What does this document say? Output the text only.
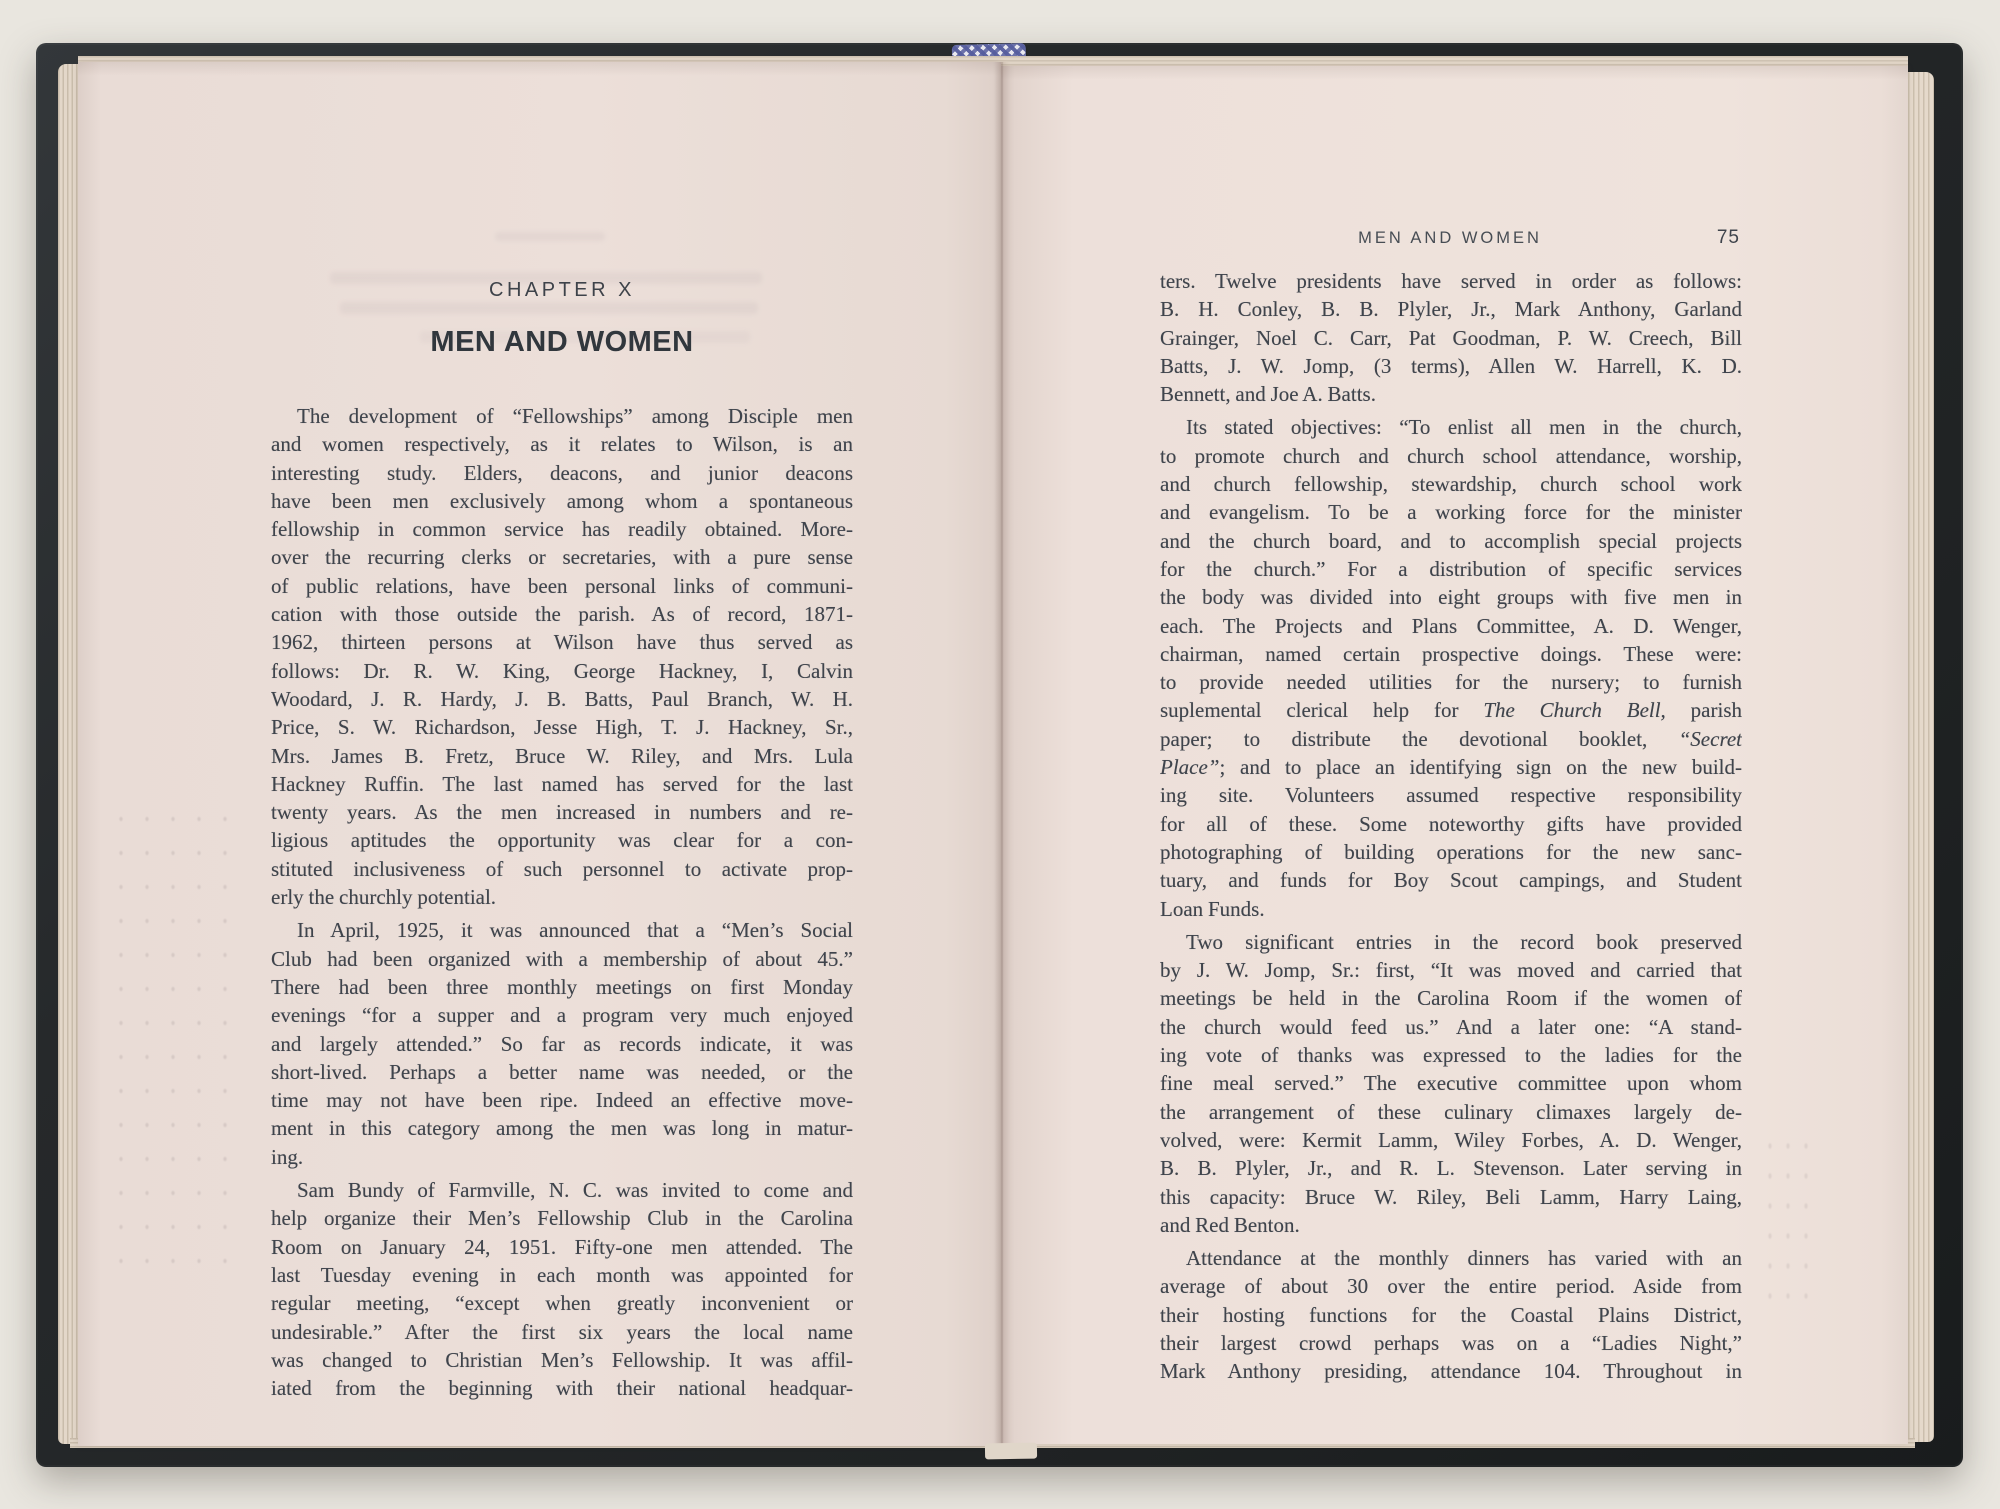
CHAPTER X
MEN AND WOMEN
The development of “Fellowships” among Disciple men
and women respectively, as it relates to Wilson, is an
interesting study. Elders, deacons, and junior deacons
have been men exclusively among whom a spontaneous
fellowship in common service has readily obtained. More-
over the recurring clerks or secretaries, with a pure sense
of public relations, have been personal links of communi-
cation with those outside the parish. As of record, 1871-
1962, thirteen persons at Wilson have thus served as
follows: Dr. R. W. King, George Hackney, I, Calvin
Woodard, J. R. Hardy, J. B. Batts, Paul Branch, W. H.
Price, S. W. Richardson, Jesse High, T. J. Hackney, Sr.,
Mrs. James B. Fretz, Bruce W. Riley, and Mrs. Lula
Hackney Ruffin. The last named has served for the last
twenty years. As the men increased in numbers and re-
ligious aptitudes the opportunity was clear for a con-
stituted inclusiveness of such personnel to activate prop-
erly the churchly potential.
In April, 1925, it was announced that a “Men’s Social
Club had been organized with a membership of about 45.”
There had been three monthly meetings on first Monday
evenings “for a supper and a program very much enjoyed
and largely attended.” So far as records indicate, it was
short-lived. Perhaps a better name was needed, or the
time may not have been ripe. Indeed an effective move-
ment in this category among the men was long in matur-
ing.
Sam Bundy of Farmville, N. C. was invited to come and
help organize their Men’s Fellowship Club in the Carolina
Room on January 24, 1951. Fifty-one men attended. The
last Tuesday evening in each month was appointed for
regular meeting, “except when greatly inconvenient or
undesirable.” After the first six years the local name
was changed to Christian Men’s Fellowship. It was affil-
iated from the beginning with their national headquar-
MEN AND WOMEN	75
ters. Twelve presidents have served in order as follows:
B. H. Conley, B. B. Plyler, Jr., Mark Anthony, Garland
Grainger, Noel C. Carr, Pat Goodman, P. W. Creech, Bill
Batts, J. W. Jomp, (3 terms), Allen W. Harrell, K. D.
Bennett, and Joe A. Batts.
Its stated objectives: “To enlist all men in the church,
to promote church and church school attendance, worship,
and church fellowship, stewardship, church school work
and evangelism. To be a working force for the minister
and the church board, and to accomplish special projects
for the church.” For a distribution of specific services
the body was divided into eight groups with five men in
each. The Projects and Plans Committee, A. D. Wenger,
chairman, named certain prospective doings. These were:
to provide needed utilities for the nursery; to furnish
suplemental clerical help for The Church Bell, parish
paper; to distribute the devotional booklet, “Secret
Place”; and to place an identifying sign on the new build-
ing site. Volunteers assumed respective responsibility
for all of these. Some noteworthy gifts have provided
photographing of building operations for the new sanc-
tuary, and funds for Boy Scout campings, and Student
Loan Funds.
Two significant entries in the record book preserved
by J. W. Jomp, Sr.: first, “It was moved and carried that
meetings be held in the Carolina Room if the women of
the church would feed us.” And a later one: “A stand-
ing vote of thanks was expressed to the ladies for the
fine meal served.” The executive committee upon whom
the arrangement of these culinary climaxes largely de-
volved, were: Kermit Lamm, Wiley Forbes, A. D. Wenger,
B. B. Plyler, Jr., and R. L. Stevenson. Later serving in
this capacity: Bruce W. Riley, Beli Lamm, Harry Laing,
and Red Benton.
Attendance at the monthly dinners has varied with an
average of about 30 over the entire period. Aside from
their hosting functions for the Coastal Plains District,
their largest crowd perhaps was on a “Ladies Night,”
Mark Anthony presiding, attendance 104. Throughout in
